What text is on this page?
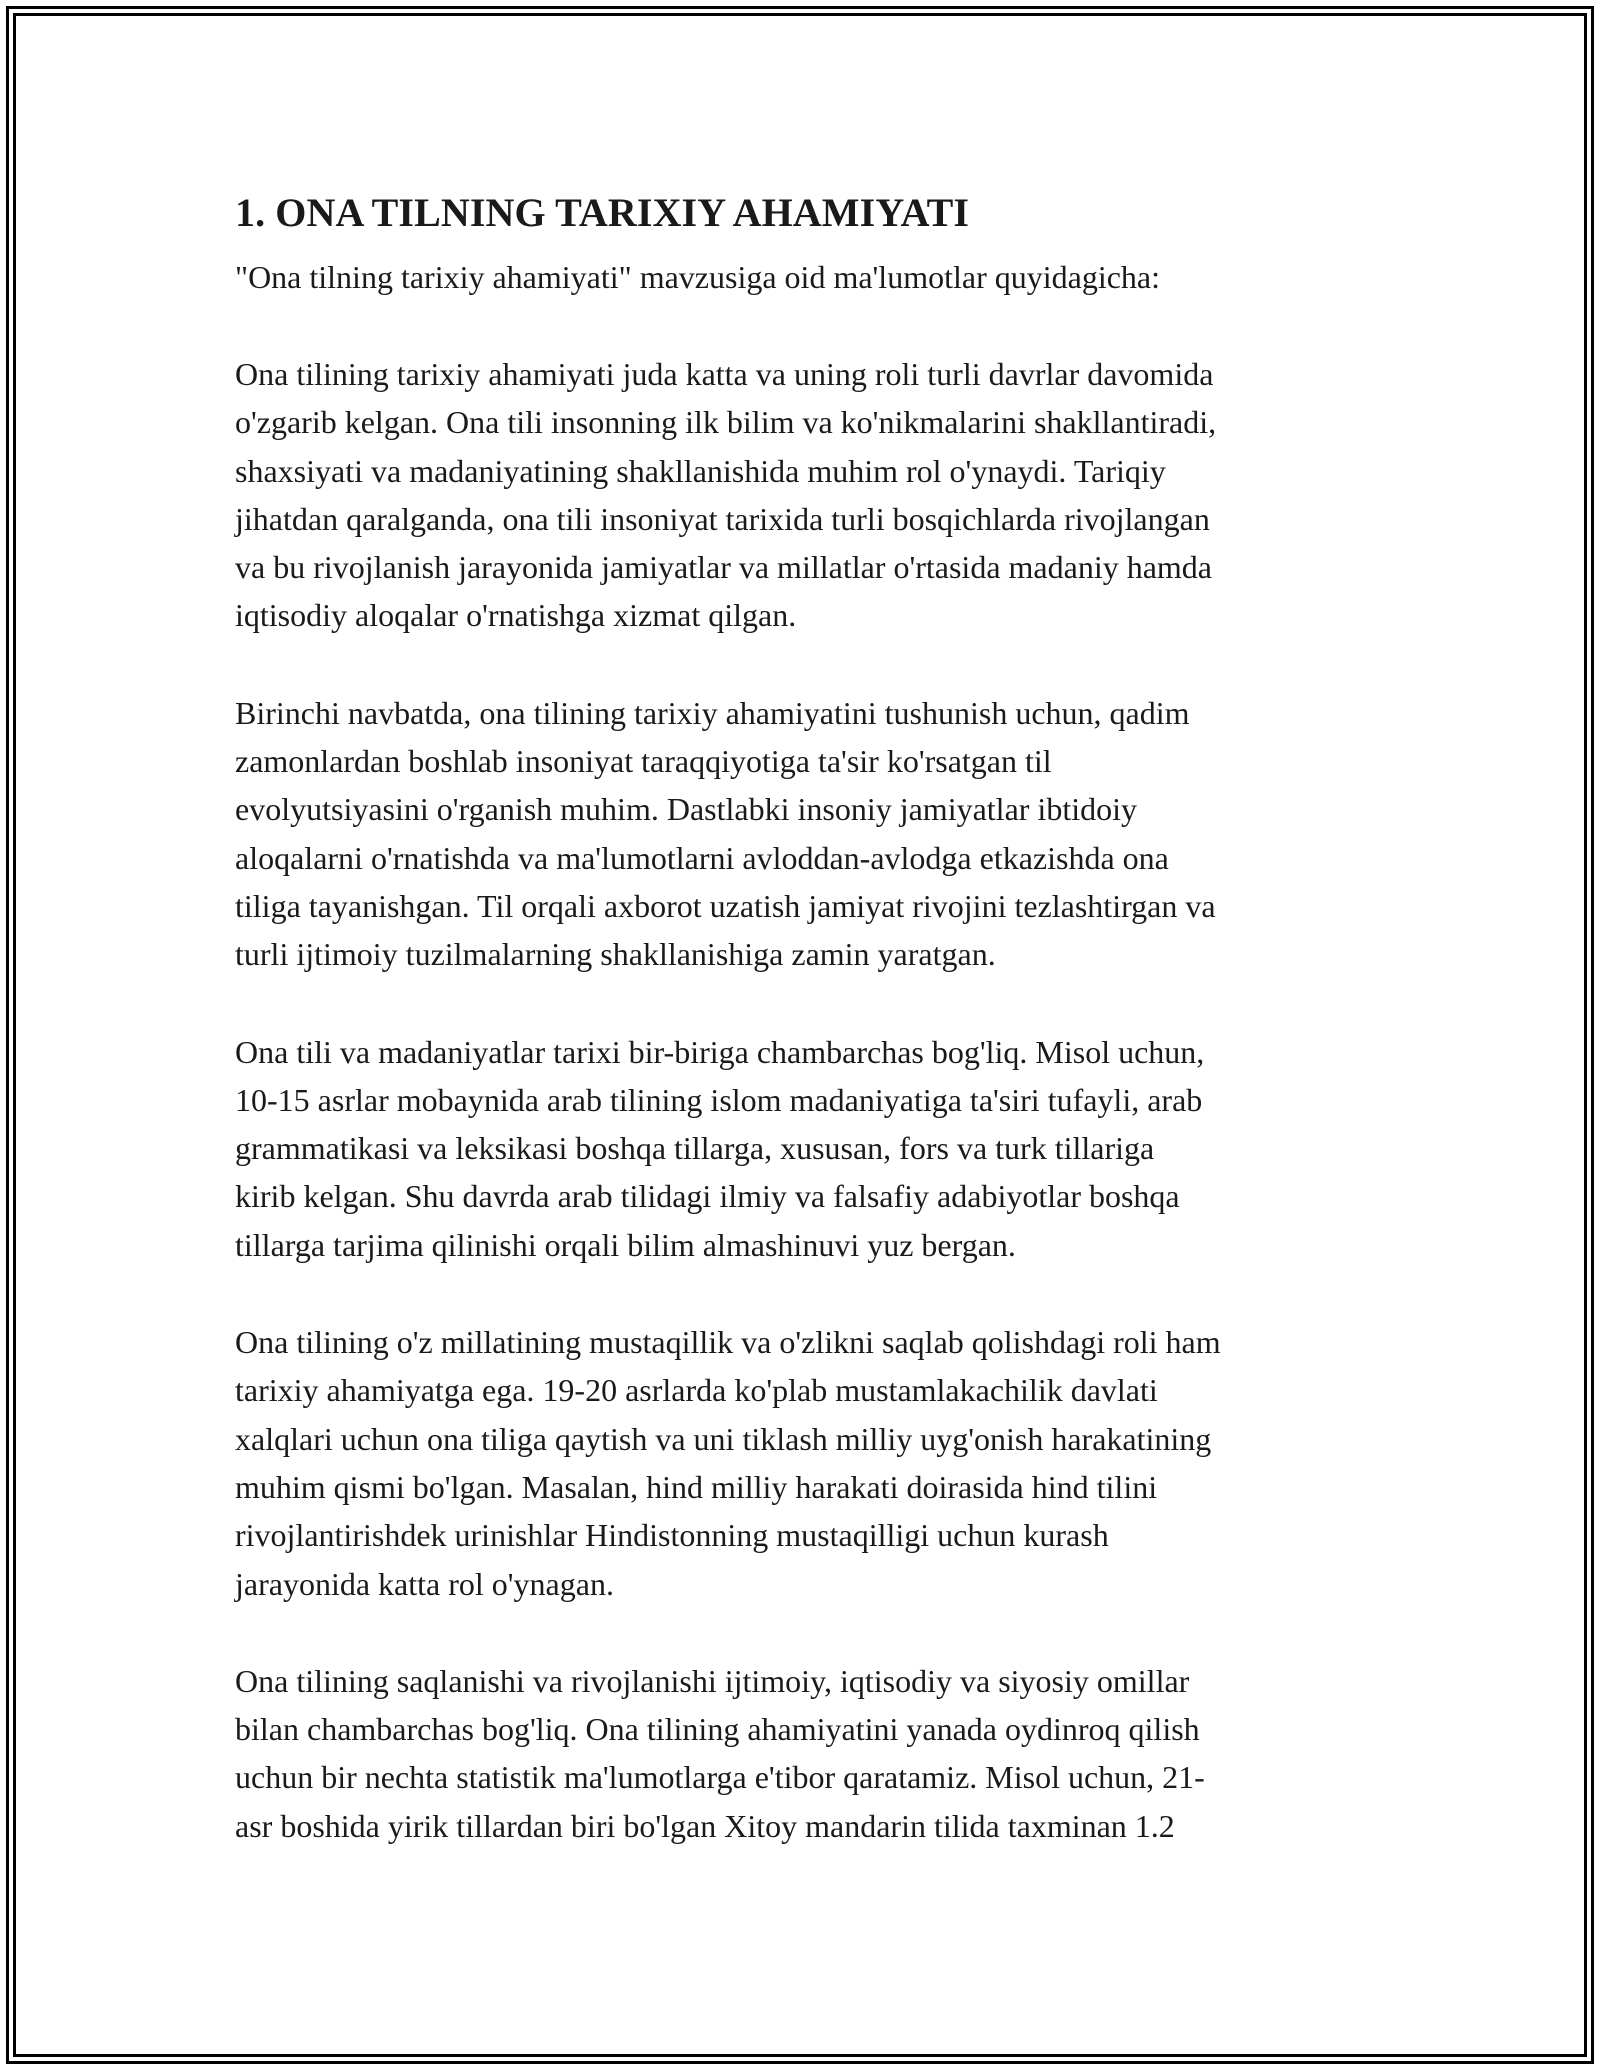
1. ONA TILNING TARIXIY AHAMIYATI
"Ona tilning tarixiy ahamiyati" mavzusiga oid ma'lumotlar quyidagicha:
Ona tilining tarixiy ahamiyati juda katta va uning roli turli davrlar davomida
o'zgarib kelgan. Ona tili insonning ilk bilim va ko'nikmalarini shakllantiradi,
shaxsiyati va madaniyatining shakllanishida muhim rol o'ynaydi. Tariqiy
jihatdan qaralganda, ona tili insoniyat tarixida turli bosqichlarda rivojlangan
va bu rivojlanish jarayonida jamiyatlar va millatlar o'rtasida madaniy hamda
iqtisodiy aloqalar o'rnatishga xizmat qilgan.
Birinchi navbatda, ona tilining tarixiy ahamiyatini tushunish uchun, qadim
zamonlardan boshlab insoniyat taraqqiyotiga ta'sir ko'rsatgan til
evolyutsiyasini o'rganish muhim. Dastlabki insoniy jamiyatlar ibtidoiy
aloqalarni o'rnatishda va ma'lumotlarni avloddan-avlodga etkazishda ona
tiliga tayanishgan. Til orqali axborot uzatish jamiyat rivojini tezlashtirgan va
turli ijtimoiy tuzilmalarning shakllanishiga zamin yaratgan.
Ona tili va madaniyatlar tarixi bir-biriga chambarchas bog'liq. Misol uchun,
10-15 asrlar mobaynida arab tilining islom madaniyatiga ta'siri tufayli, arab
grammatikasi va leksikasi boshqa tillarga, xususan, fors va turk tillariga
kirib kelgan. Shu davrda arab tilidagi ilmiy va falsafiy adabiyotlar boshqa
tillarga tarjima qilinishi orqali bilim almashinuvi yuz bergan.
Ona tilining o'z millatining mustaqillik va o'zlikni saqlab qolishdagi roli ham
tarixiy ahamiyatga ega. 19-20 asrlarda ko'plab mustamlakachilik davlati
xalqlari uchun ona tiliga qaytish va uni tiklash milliy uyg'onish harakatining
muhim qismi bo'lgan. Masalan, hind milliy harakati doirasida hind tilini
rivojlantirishdek urinishlar Hindistonning mustaqilligi uchun kurash
jarayonida katta rol o'ynagan.
Ona tilining saqlanishi va rivojlanishi ijtimoiy, iqtisodiy va siyosiy omillar
bilan chambarchas bog'liq. Ona tilining ahamiyatini yanada oydinroq qilish
uchun bir nechta statistik ma'lumotlarga e'tibor qaratamiz. Misol uchun, 21-
asr boshida yirik tillardan biri bo'lgan Xitoy mandarin tilida taxminan 1.2
